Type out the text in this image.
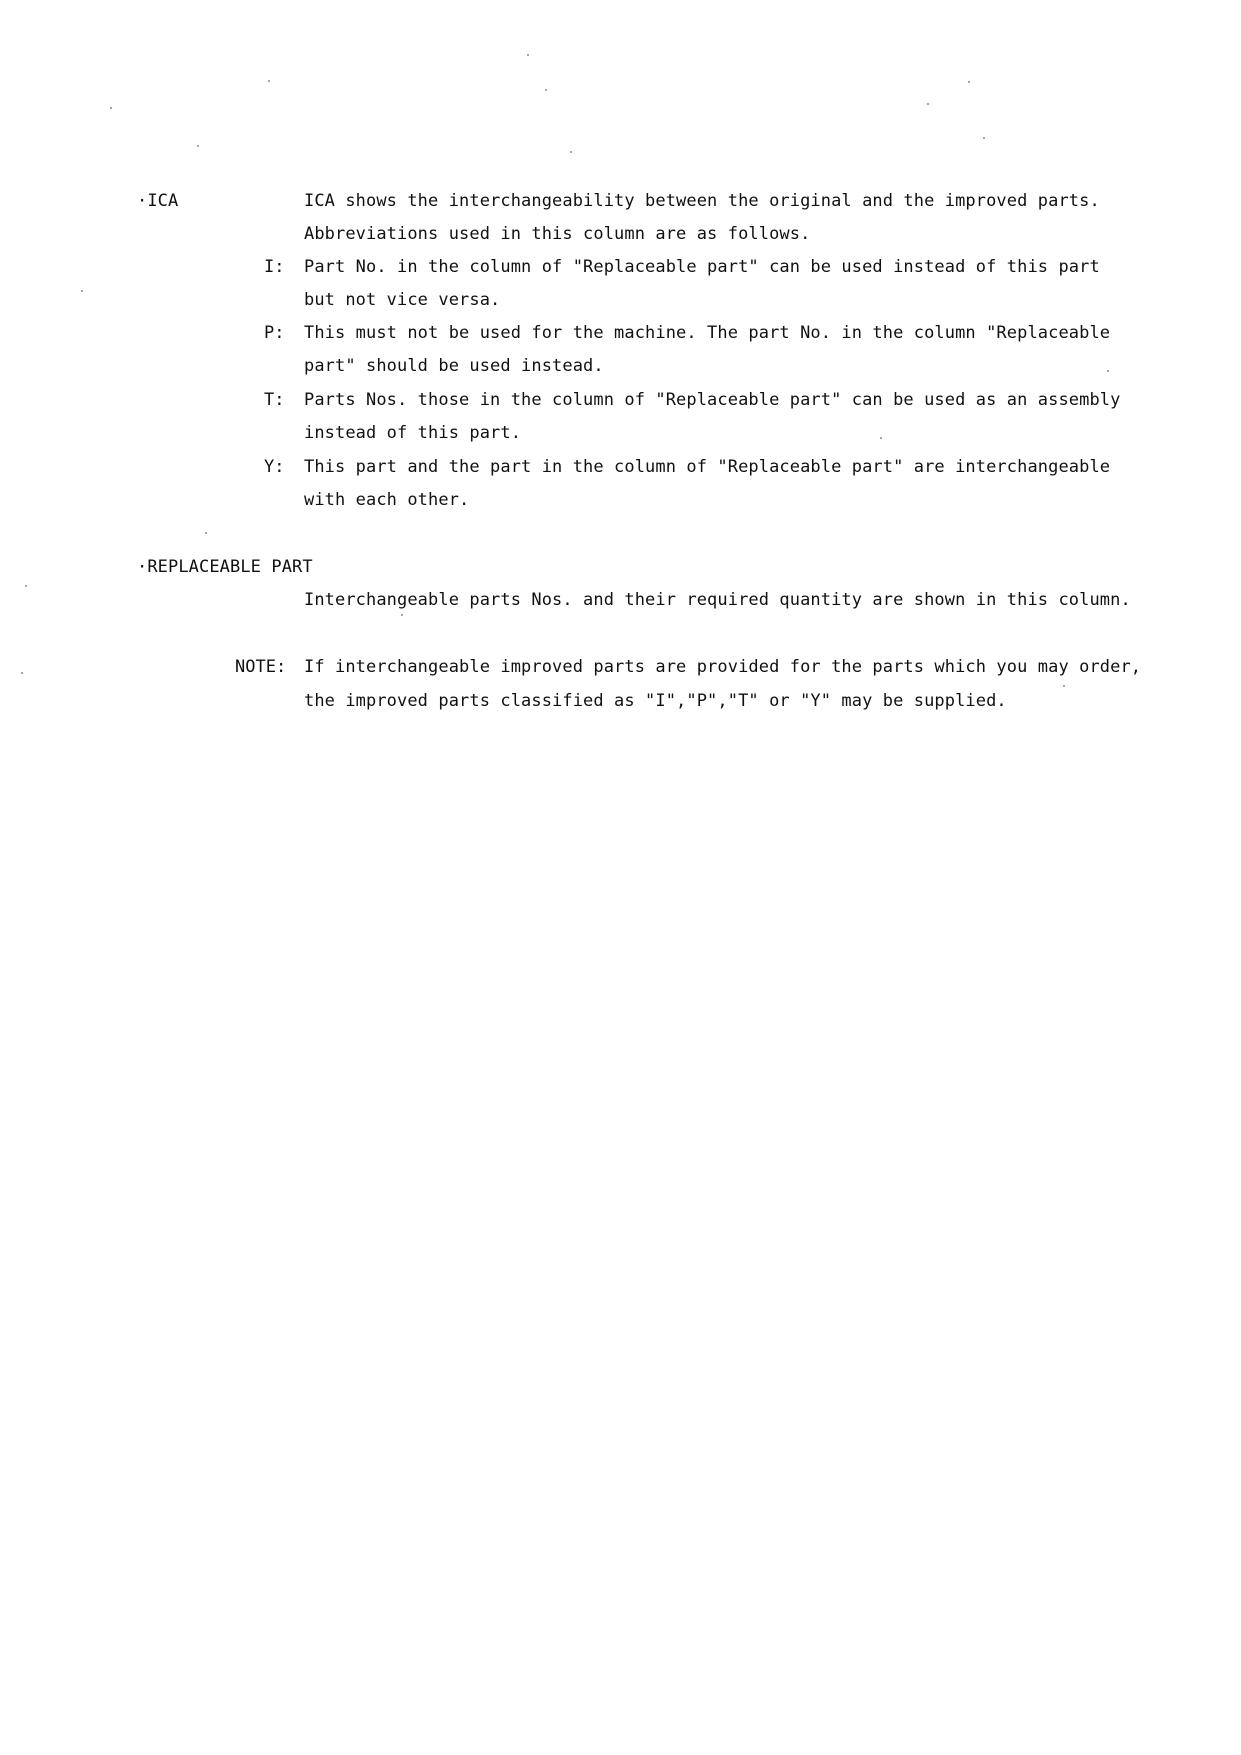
·ICA	ICA shows the interchangeability between the original and the improved parts.
Abbreviations used in this column are as follows.
I: Part No. in the column of "Replaceable part" can be used instead of this part
but not vice versa.
P: This must not be used for the machine. The part No. in the column "Replaceable
part" should be used instead.
T: Parts Nos. those in the column of "Replaceable part" can be used as an assembly
instead of this part.
Y: This part and the part in the column of "Replaceable part" are interchangeable
with each other.
·REPLACEABLE PART
Interchangeable parts Nos. and their required quantity are shown in this column.
NOTE: If interchangeable improved parts are provided for the parts which you may order,
the improved parts classified as "I","P","T" or "Y" may be supplied.
